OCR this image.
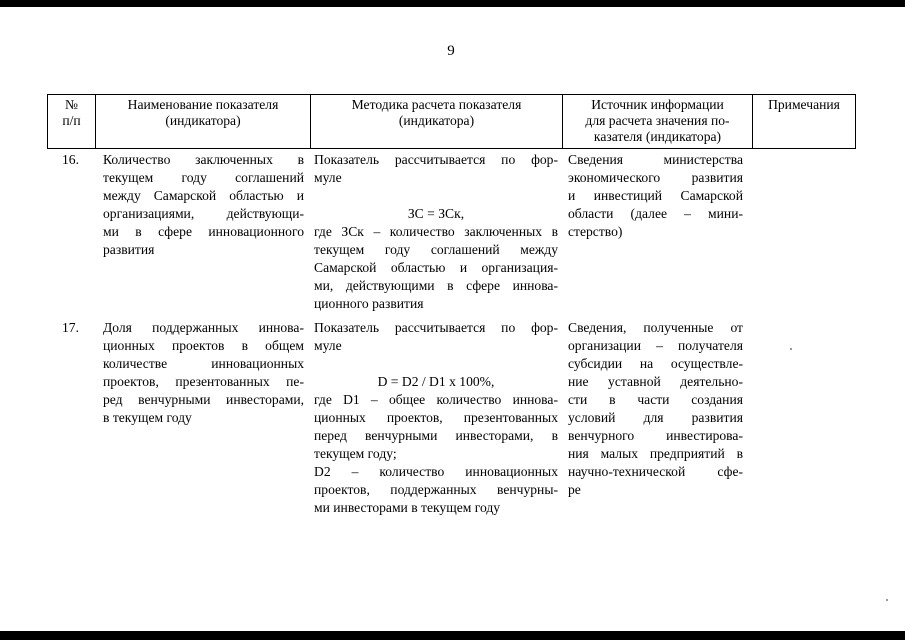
9
№
п/п
Наименование показателя
(индикатора)
Методика расчета показателя
(индикатора)
Источник информации
для расчета значения по-
казателя (индикатора)
Примечания
16. Количество заключенных в
текущем году соглашений
между Самарской областью и
организациями, действующи-
ми в сфере инновационного
развития
Показатель рассчитывается по фор-
муле
ЗС = ЗСк,
где ЗСк – количество заключенных в
текущем году соглашений между
Самарской областью и организация-
ми, действующими в сфере иннова-
ционного развития
Сведения министерства
экономического развития
и инвестиций Самарской
области (далее – мини-
стерство)
17. Доля поддержанных иннова-
ционных проектов в общем
количестве инновационных
проектов, презентованных пе-
ред венчурными инвесторами,
в текущем году
Показатель рассчитывается по фор-
муле
D = D2 / D1 х 100%,
где D1 – общее количество иннова-
ционных проектов, презентованных
перед венчурными инвесторами, в
текущем году;
D2 – количество инновационных
проектов, поддержанных венчурны-
ми инвесторами в текущем году
Сведения, полученные от
организации – получателя
субсидии на осуществле-
ние уставной деятельно-
сти в части создания
условий для развития
венчурного инвестирова-
ния малых предприятий в
научно-технической сфе-
ре
